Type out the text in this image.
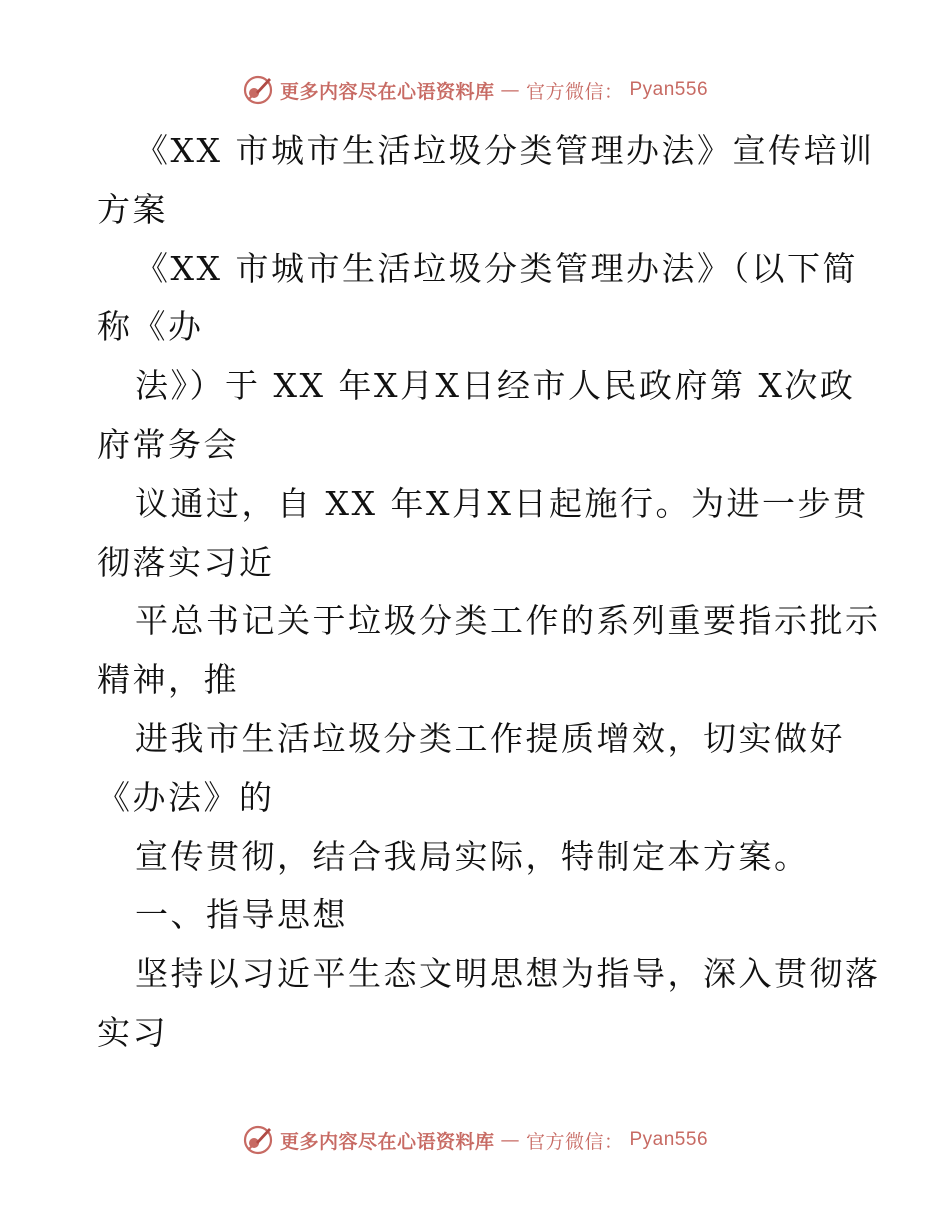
更多内容尽在心语资料库 — 官方微信： Pyan556
《XX 市城市生活垃圾分类管理办法》宣传培训
方案
《XX 市城市生活垃圾分类管理办法》（以下简
称《办
法》）于 XX 年X月X日经市人民政府第 X次政
府常务会
议通过，自 XX 年X月X日起施行。为进一步贯
彻落实习近
平总书记关于垃圾分类工作的系列重要指示批示
精神，推
进我市生活垃圾分类工作提质增效，切实做好
《办法》的
宣传贯彻，结合我局实际，特制定本方案。
一、指导思想
坚持以习近平生态文明思想为指导，深入贯彻落
实习
更多内容尽在心语资料库 — 官方微信： Pyan556
